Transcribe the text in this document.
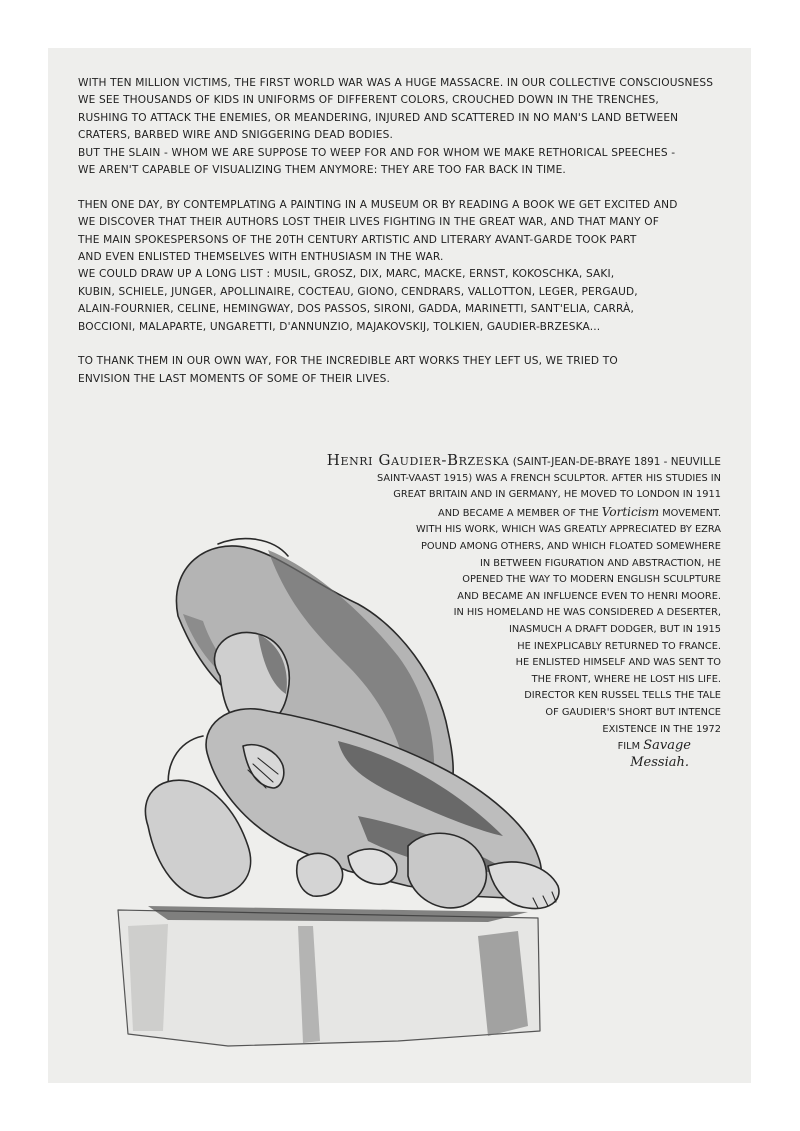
WITH TEN MILLION VICTIMS, THE FIRST WORLD WAR WAS A HUGE MASSACRE. IN OUR COLLECTIVE CONSCIOUSNESS
WE SEE THOUSANDS OF KIDS IN UNIFORMS OF DIFFERENT COLORS, CROUCHED DOWN IN THE TRENCHES,
RUSHING TO ATTACK THE ENEMIES, OR MEANDERING, INJURED AND SCATTERED IN NO MAN'S LAND BETWEEN
CRATERS, BARBED WIRE AND SNIGGERING DEAD BODIES.
BUT THE SLAIN - WHOM WE ARE SUPPOSE TO WEEP FOR AND FOR WHOM WE MAKE RETHORICAL SPEECHES -
WE AREN'T CAPABLE OF VISUALIZING THEM ANYMORE: THEY ARE TOO FAR BACK IN TIME.

THEN ONE DAY, BY CONTEMPLATING A PAINTING IN A MUSEUM OR BY READING A BOOK WE GET EXCITED AND
WE DISCOVER THAT THEIR AUTHORS LOST THEIR LIVES FIGHTING IN THE GREAT WAR, AND THAT MANY OF
THE MAIN SPOKESPERSONS OF THE 20TH CENTURY ARTISTIC AND LITERARY AVANT-GARDE TOOK PART
AND EVEN ENLISTED THEMSELVES WITH ENTHUSIASM IN THE WAR.
WE COULD DRAW UP A LONG LIST : MUSIL, GROSZ, DIX, MARC, MACKE, ERNST, KOKOSCHKA, SAKI,
KUBIN, SCHIELE, JUNGER, APOLLINAIRE, COCTEAU, GIONO, CENDRARS, VALLOTTON, LEGER, PERGAUD,
ALAIN-FOURNIER, CELINE, HEMINGWAY, DOS PASSOS, SIRONI, GADDA, MARINETTI, SANT'ELIA, CARRÀ,
BOCCIONI, MALAPARTE, UNGARETTI, D'ANNUNZIO, MAJAKOVSKIJ, TOLKIEN, GAUDIER-BRZESKA...

TO THANK THEM IN OUR OWN WAY, FOR THE INCREDIBLE ART WORKS THEY LEFT US, WE TRIED TO
ENVISION THE LAST MOMENTS OF SOME OF THEIR LIVES.

Henri Gaudier-Brzeska (SAINT-JEAN-DE-BRAYE 1891 - NEUVILLE
SAINT-VAAST 1915) WAS A FRENCH SCULPTOR. AFTER HIS STUDIES IN
GREAT BRITAIN AND IN GERMANY, HE MOVED TO LONDON IN 1911
AND BECAME A MEMBER OF THE Vorticism MOVEMENT.
WITH HIS WORK, WHICH WAS GREATLY APPRECIATED BY EZRA
POUND AMONG OTHERS, AND WHICH FLOATED SOMEWHERE
IN BETWEEN FIGURATION AND ABSTRACTION, HE
OPENED THE WAY TO MODERN ENGLISH SCULPTURE
AND BECAME AN INFLUENCE EVEN TO HENRI MOORE.
IN HIS HOMELAND HE WAS CONSIDERED A DESERTER,
INASMUCH A DRAFT DODGER, BUT IN 1915
HE INEXPLICABLY RETURNED TO FRANCE.
HE ENLISTED HIMSELF AND WAS SENT TO
THE FRONT, WHERE HE LOST HIS LIFE.
DIRECTOR KEN RUSSEL TELLS THE TALE
OF GAUDIER'S SHORT BUT INTENCE
EXISTENCE IN THE 1972
FILM Savage
Messiah.
